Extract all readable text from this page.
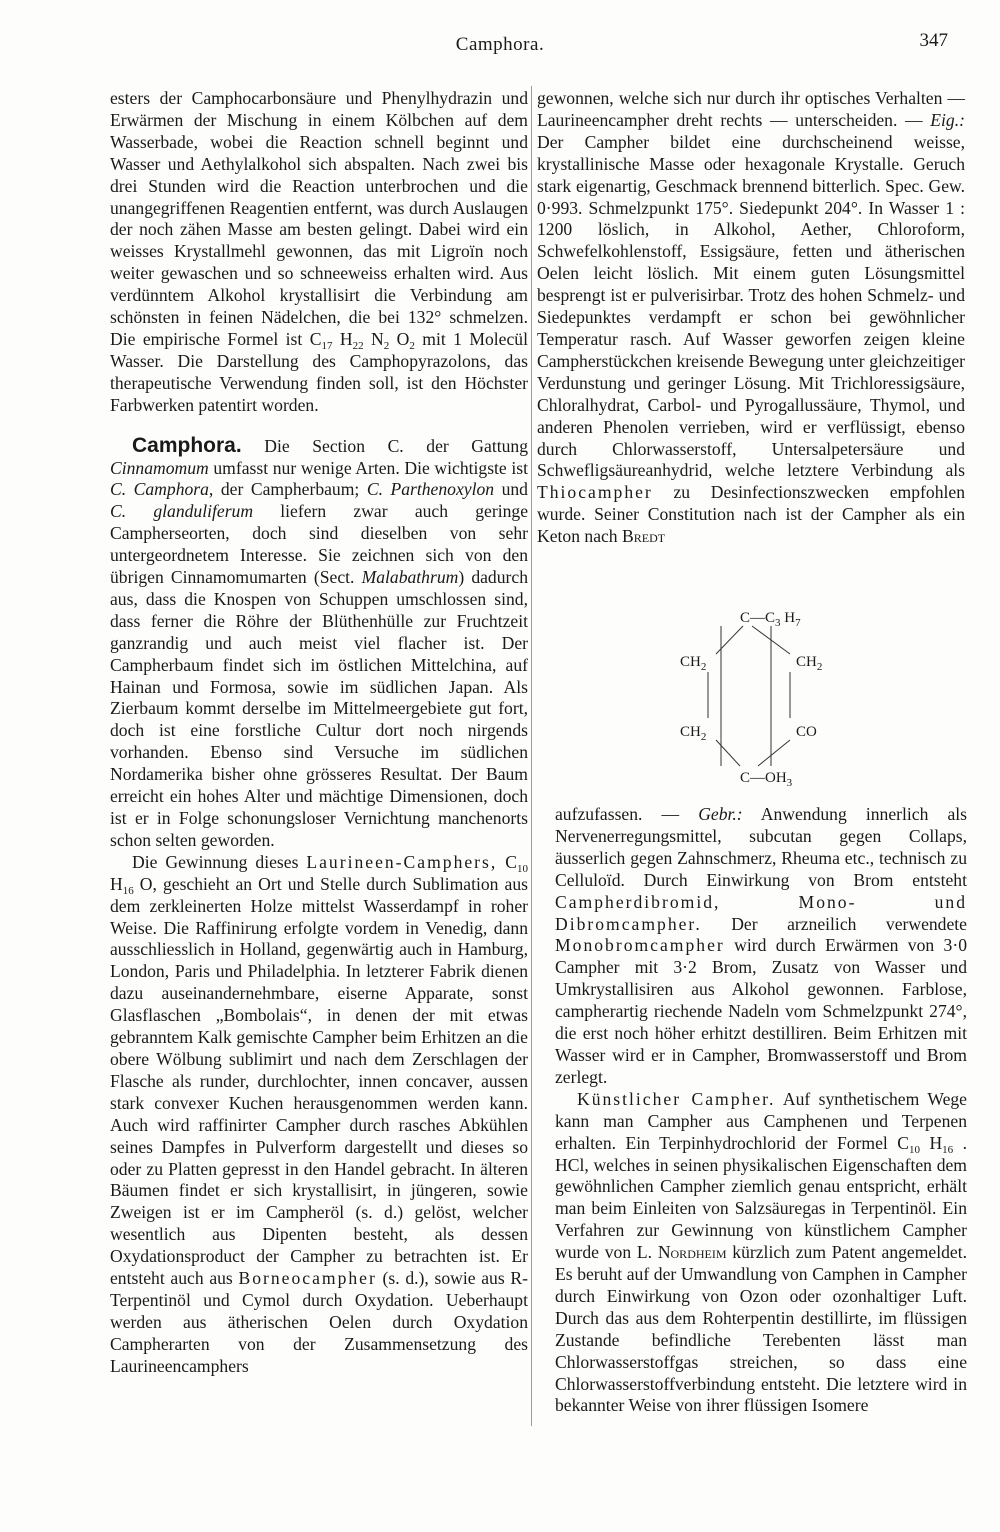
Camphora.	347

esters der Camphocarbonsäure und Phenylhydrazin und Erwärmen der Mischung in einem Kölbchen auf dem Wasserbade, wobei die Reaction schnell beginnt und Wasser und Aethylalkohol sich abspalten. Nach zwei bis drei Stunden wird die Reaction unterbrochen und die unangegriffenen Reagentien entfernt, was durch Auslaugen der noch zähen Masse am besten gelingt. Dabei wird ein weisses Krystallmehl gewonnen, das mit Ligroïn noch weiter gewaschen und so schneeweiss erhalten wird. Aus verdünntem Alkohol krystallisirt die Verbindung am schönsten in feinen Nädelchen, die bei 132° schmelzen. Die empirische Formel ist $C_{17}$ $H_{22}$ $N_2$ $O_2$ mit 1 Molecül Wasser. Die Darstellung des Camphopyrazolons, das therapeutische Verwendung finden soll, ist den Höchster Farbwerken patentirt worden.

Camphora. Die Section C. der Gattung Cinnamomum umfasst nur wenige Arten. Die wichtigste ist C. Camphora, der Campherbaum; C. Parthenoxylon und C. glanduliferum liefern zwar auch geringe Campherseorten, doch sind dieselben von sehr untergeordnetem Interesse. Sie zeichnen sich von den übrigen Cinnamomumarten (Sect. Malabathrum) dadurch aus, dass die Knospen von Schuppen umschlossen sind, dass ferner die Röhre der Blüthenhülle zur Fruchtzeit ganzrandig und auch meist viel flacher ist. Der Campherbaum findet sich im östlichen Mittelchina, auf Hainan und Formosa, sowie im südlichen Japan. Als Zierbaum kommt derselbe im Mittelmeergebiete gut fort, doch ist eine forstliche Cultur dort noch nirgends vorhanden. Ebenso sind Versuche im südlichen Nordamerika bisher ohne grösseres Resultat. Der Baum erreicht ein hohes Alter und mächtige Dimensionen, doch ist er in Folge schonungsloser Vernichtung manchenorts schon selten geworden.

Die Gewinnung dieses Laurineen-Camphers, $C_{10}$ $H_{16}$ O, geschieht an Ort und Stelle durch Sublimation aus dem zerkleinerten Holze mittelst Wasserdampf in roher Weise. Die Raffinirung erfolgte vordem in Venedig, dann ausschliesslich in Holland, gegenwärtig auch in Hamburg, London, Paris und Philadelphia. In letzterer Fabrik dienen dazu auseinandernehmbare, eiserne Apparate, sonst Glasflaschen „Bombolais“, in denen der mit etwas gebranntem Kalk gemischte Campher beim Erhitzen an die obere Wölbung sublimirt und nach dem Zerschlagen der Flasche als runder, durchlochter, innen concaver, aussen stark convexer Kuchen herausgenommen werden kann. Auch wird raffinirter Campher durch rasches Abkühlen seines Dampfes in Pulverform dargestellt und dieses so oder zu Platten gepresst in den Handel gebracht. In älteren Bäumen findet er sich krystallisirt, in jüngeren, sowie Zweigen ist er im Campheröl (s. d.) gelöst, welcher wesentlich aus Dipenten besteht, als dessen Oxydationsproduct der Campher zu betrachten ist. Er entsteht auch aus Borneocampher (s. d.), sowie aus R-Terpentinöl und Cymol durch Oxydation. Ueberhaupt werden aus ätherischen Oelen durch Oxydation Campherarten von der Zusammensetzung des Laurineencamphers

gewonnen, welche sich nur durch ihr optisches Verhalten — Laurineencampher dreht rechts — unterscheiden. — Eig.: Der Campher bildet eine durchscheinend weisse, krystallinische Masse oder hexagonale Krystalle. Geruch stark eigenartig, Geschmack brennend bitterlich. Spec. Gew. 0·993. Schmelzpunkt 175°. Siedepunkt 204°. In Wasser 1 : 1200 löslich, in Alkohol, Aether, Chloroform, Schwefelkohlenstoff, Essigsäure, fetten und ätherischen Oelen leicht löslich. Mit einem guten Lösungsmittel besprengt ist er pulverisirbar. Trotz des hohen Schmelz- und Siedepunktes verdampft er schon bei gewöhnlicher Temperatur rasch. Auf Wasser geworfen zeigen kleine Campherstückchen kreisende Bewegung unter gleichzeitiger Verdunstung und geringer Lösung. Mit Trichloressigsäure, Chloralhydrat, Carbol- und Pyrogallussäure, Thymol, und anderen Phenolen verrieben, wird er verflüssigt, ebenso durch Chlorwasserstoff, Untersalpetersäure und Schwefligsäureanhydrid, welche letztere Verbindung als Thiocampher zu Desinfectionszwecken empfohlen wurde. Seiner Constitution nach ist der Campher als ein Keton nach Bredt

$C—C_3$ $H_7$
$CH_2$	$CH_2$
$CH_2$	CO
$C—OH_3$

aufzufassen. — Gebr.: Anwendung innerlich als Nervenerregungsmittel, subcutan gegen Collaps, äusserlich gegen Zahnschmerz, Rheuma etc., technisch zu Celluloïd. Durch Einwirkung von Brom entsteht Campherdibromid, Mono- und Dibromcampher. Der arzneilich verwendete Monobromcampher wird durch Erwärmen von 3·0 Campher mit 3·2 Brom, Zusatz von Wasser und Umkrystallisiren aus Alkohol gewonnen. Farblose, campherartig riechende Nadeln vom Schmelzpunkt 274°, die erst noch höher erhitzt destilliren. Beim Erhitzen mit Wasser wird er in Campher, Bromwasserstoff und Brom zerlegt.

Künstlicher Campher. Auf synthetischem Wege kann man Campher aus Camphenen und Terpenen erhalten. Ein Terpinhydrochlorid der Formel $C_{10}$ $H_{16}$ . HCl, welches in seinen physikalischen Eigenschaften dem gewöhnlichen Campher ziemlich genau entspricht, erhält man beim Einleiten von Salzsäuregas in Terpentinöl. Ein Verfahren zur Gewinnung von künstlichem Campher wurde von L. Nordheim kürzlich zum Patent angemeldet. Es beruht auf der Umwandlung von Camphen in Campher durch Einwirkung von Ozon oder ozonhaltiger Luft. Durch das aus dem Rohterpentin destillirte, im flüssigen Zustande befindliche Terebenten lässt man Chlorwasserstoffgas streichen, so dass eine Chlorwasserstoffverbindung entsteht. Die letztere wird in bekannter Weise von ihrer flüssigen Isomere
